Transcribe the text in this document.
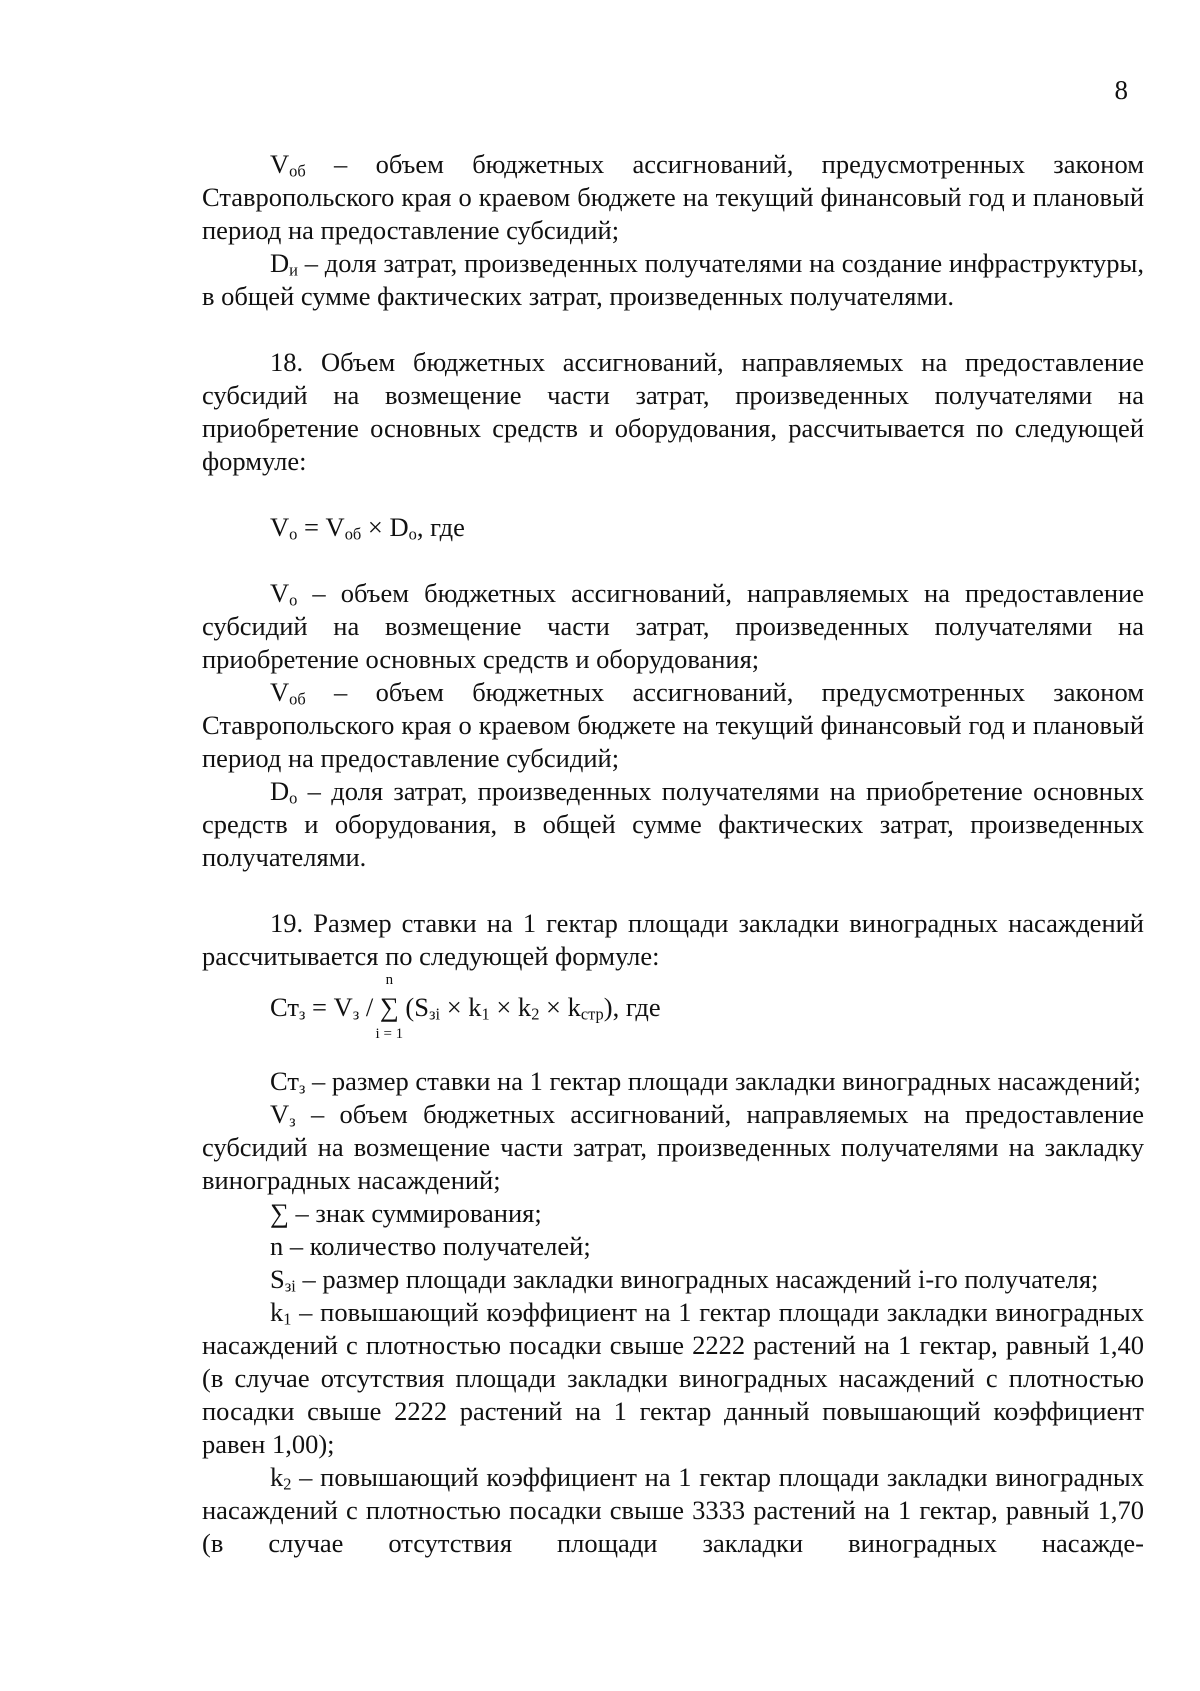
8

$V_{об}$ – объем бюджетных ассигнований, предусмотренных законом Ставропольского края о краевом бюджете на текущий финансовый год и плановый период на предоставление субсидий;

$D_и$ – доля затрат, произведенных получателями на создание инфраструктуры, в общей сумме фактических затрат, произведенных получателями.

18. Объем бюджетных ассигнований, направляемых на предоставление субсидий на возмещение части затрат, произведенных получателями на приобретение основных средств и оборудования, рассчитывается по следующей формуле:

$V_о = V_{об} \times D_о$, где

$V_о$ – объем бюджетных ассигнований, направляемых на предоставление субсидий на возмещение части затрат, произведенных получателями на приобретение основных средств и оборудования;

$V_{об}$ – объем бюджетных ассигнований, предусмотренных законом Ставропольского края о краевом бюджете на текущий финансовый год и плановый период на предоставление субсидий;

$D_о$ – доля затрат, произведенных получателями на приобретение основных средств и оборудования, в общей сумме фактических затрат, произведенных получателями.

19. Размер ставки на 1 гектар площади закладки виноградных насаждений рассчитывается по следующей формуле:

$Ст_з = V_з$ / ∑
n
i = 1
$(S_{зi} \times k_1 \times k_2 \times k_{стр})$, где

$Ст_з$ – размер ставки на 1 гектар площади закладки виноградных насаждений;

$V_з$ – объем бюджетных ассигнований, направляемых на предоставление субсидий на возмещение части затрат, произведенных получателями на закладку виноградных насаждений;

∑ – знак суммирования;

n – количество получателей;

$S_{зi}$ – размер площади закладки виноградных насаждений i-го получателя;

$k_1$ – повышающий коэффициент на 1 гектар площади закладки виноградных насаждений с плотностью посадки свыше 2222 растений на 1 гектар, равный 1,40 (в случае отсутствия площади закладки виноградных насаждений с плотностью посадки свыше 2222 растений на 1 гектар данный повышающий коэффициент равен 1,00);

$k_2$ – повышающий коэффициент на 1 гектар площади закладки виноградных насаждений с плотностью посадки свыше 3333 растений на 1 гектар, равный 1,70 (в случае отсутствия площади закладки виноградных насажде-
